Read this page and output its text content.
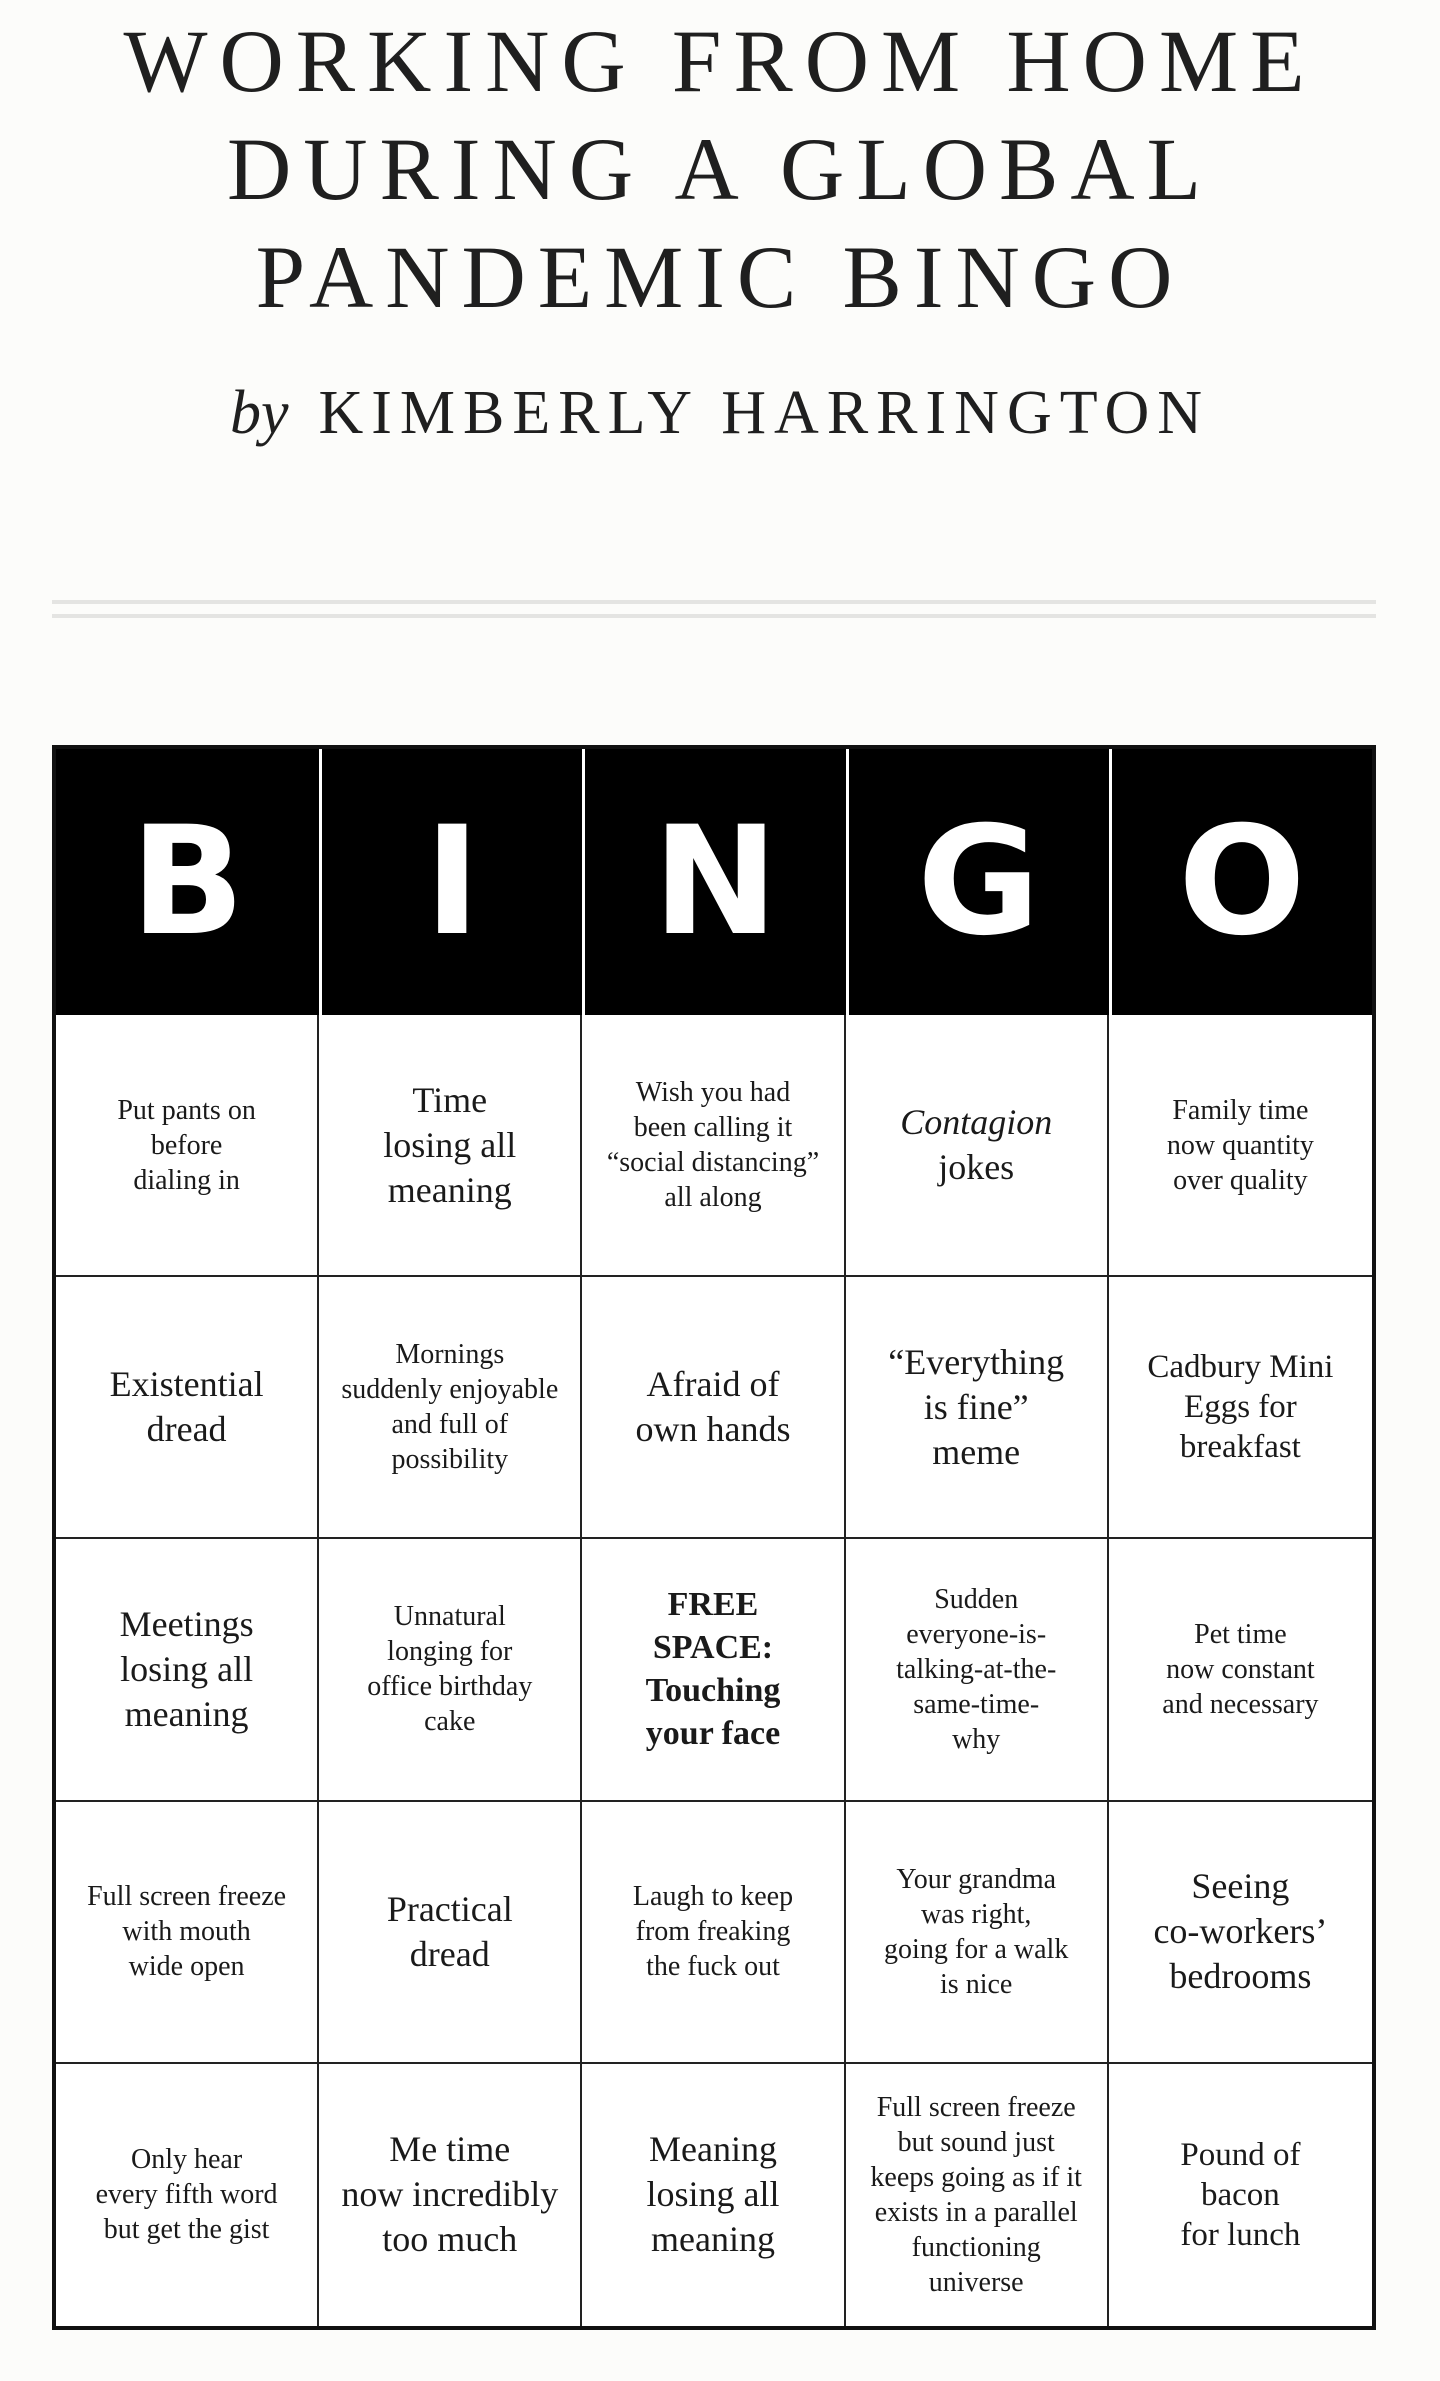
WORKING FROM HOME
DURING A GLOBAL
PANDEMIC BINGO
by KIMBERLY HARRINGTON
B	I	N G O
Put pants on
before
dialing in
Time
losing all
meaning
Wish you had
been calling it
“social distancing”
all along
Contagion
jokes
Family time
now quantity
over quality
Existential
dread
Mornings
suddenly enjoyable
and full of
possibility
Afraid of
own hands
“Everything
is fine”
meme
Cadbury Mini
Eggs for
breakfast
Meetings
losing all
meaning
Unnatural
longing for
office birthday
cake
FREE SPACE:
Touching
your face
Sudden
everyone-is-
talking-at-the-
same-time-
why
Pet time
now constant
and necessary
Full screen freeze
with mouth
wide open
Practical
dread
Laugh to keep
from freaking
the fuck out
Your grandma
was right,
going for a walk
is nice
Seeing
co-workers’
bedrooms
Only hear
every fifth word
but get the gist
Me time
now incredibly
too much
Meaning
losing all
meaning
Full screen freeze
but sound just
keeps going as if it
exists in a parallel
functioning
universe
Pound of
bacon
for lunch
